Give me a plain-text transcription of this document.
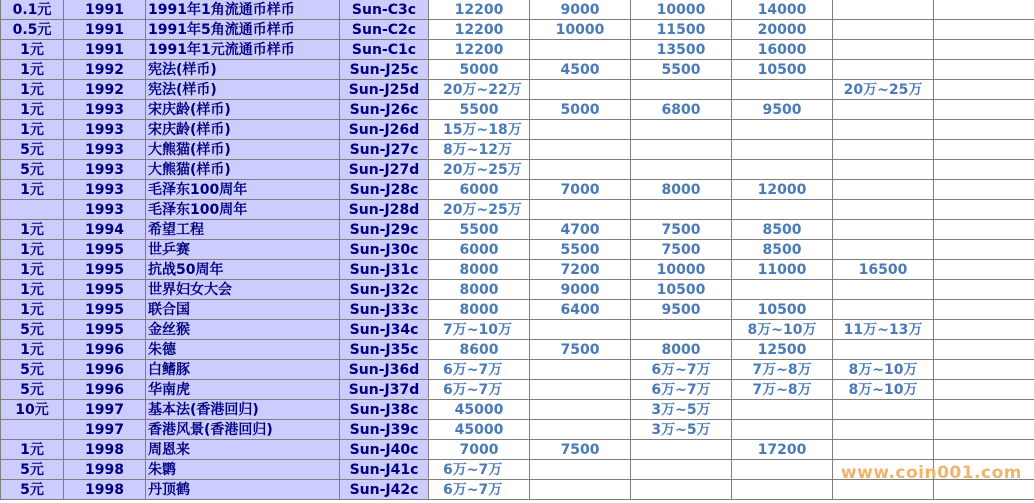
0.1元	1991	1991年1角流通币样币	Sun-C3c	12200	9000	10000	14000		
0.5元	1991	1991年5角流通币样币	Sun-C2c	12200	10000	11500	20000		
1元	1991	1991年1元流通币样币	Sun-C1c	12200		13500	16000		
1元	1992	宪法(样币)	Sun-J25c	5000	4500	5500	10500		
1元	1992	宪法(样币)	Sun-J25d	20万~22万				20万~25万	
1元	1993	宋庆龄(样币)	Sun-J26c	5500	5000	6800	9500		
1元	1993	宋庆龄(样币)	Sun-J26d	15万~18万					
5元	1993	大熊猫(样币)	Sun-J27c	8万~12万					
5元	1993	大熊猫(样币)	Sun-J27d	20万~25万					
1元	1993	毛泽东100周年	Sun-J28c	6000	7000	8000	12000		
	1993	毛泽东100周年	Sun-J28d	20万~25万					
1元	1994	希望工程	Sun-J29c	5500	4700	7500	8500		
1元	1995	世乒赛	Sun-J30c	6000	5500	7500	8500		
1元	1995	抗战50周年	Sun-J31c	8000	7200	10000	11000	16500	
1元	1995	世界妇女大会	Sun-J32c	8000	9000	10500			
1元	1995	联合国	Sun-J33c	8000	6400	9500	10500		
5元	1995	金丝猴	Sun-J34c	7万~10万			8万~10万	11万~13万	
1元	1996	朱德	Sun-J35c	8600	7500	8000	12500		
5元	1996	白鳍豚	Sun-J36d	6万~7万		6万~7万	7万~8万	8万~10万	
5元	1996	华南虎	Sun-J37d	6万~7万		6万~7万	7万~8万	8万~10万	
10元	1997	基本法(香港回归)	Sun-J38c	45000		3万~5万			
	1997	香港风景(香港回归)	Sun-J39c	45000		3万~5万			
1元	1998	周恩来	Sun-J40c	7000	7500		17200		
5元	1998	朱鹮	Sun-J41c	6万~7万					
5元	1998	丹顶鹤	Sun-J42c	6万~7万					
www.coin001.com
